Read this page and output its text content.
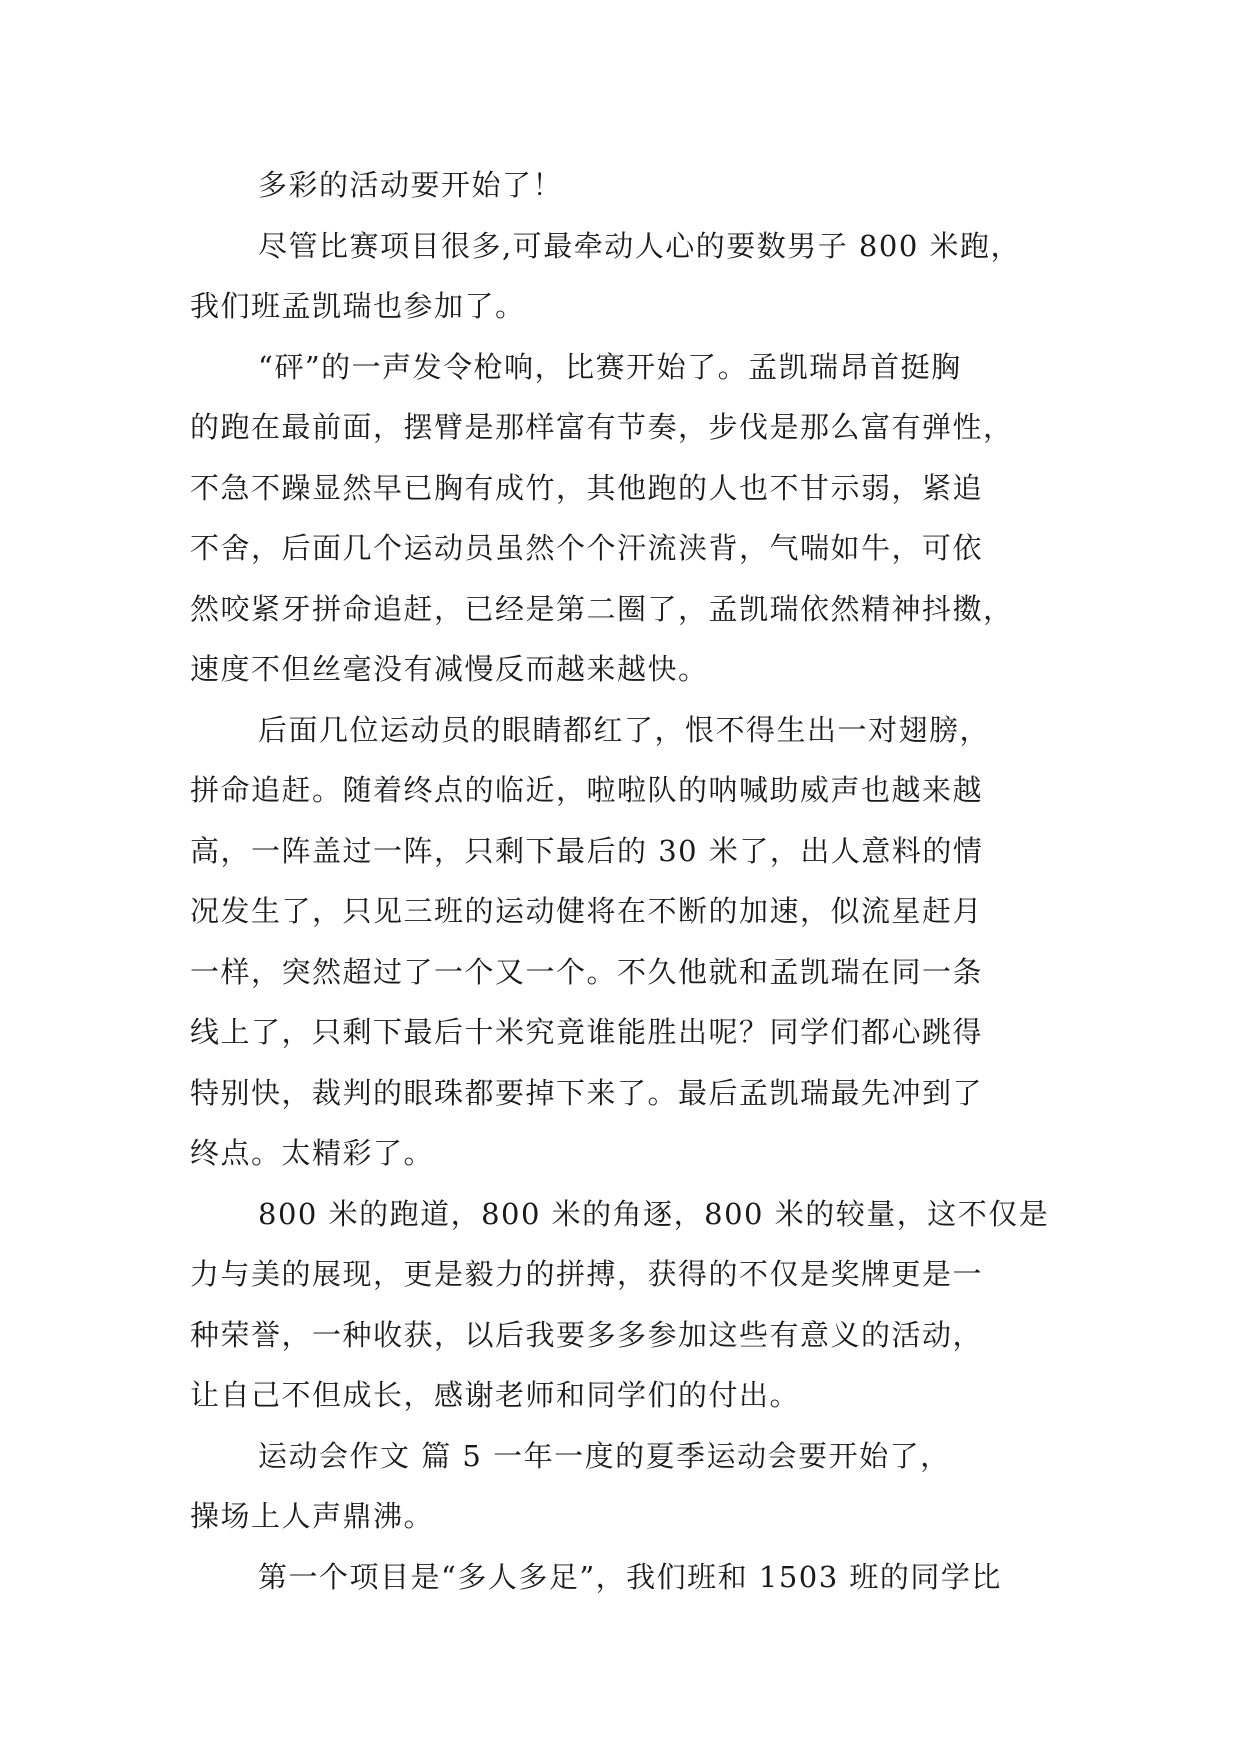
多彩的活动要开始了！
尽管比赛项目很多,可最牵动人心的要数男子 800 米跑，
我们班孟凯瑞也参加了。
“砰”的一声发令枪响，比赛开始了。孟凯瑞昂首挺胸
的跑在最前面，摆臂是那样富有节奏，步伐是那么富有弹性，
不急不躁显然早已胸有成竹，其他跑的人也不甘示弱，紧追
不舍，后面几个运动员虽然个个汗流浃背，气喘如牛，可依
然咬紧牙拼命追赶，已经是第二圈了，孟凯瑞依然精神抖擞，
速度不但丝毫没有减慢反而越来越快。
后面几位运动员的眼睛都红了，恨不得生出一对翅膀，
拼命追赶。随着终点的临近，啦啦队的呐喊助威声也越来越
高，一阵盖过一阵，只剩下最后的 30 米了，出人意料的情
况发生了，只见三班的运动健将在不断的加速，似流星赶月
一样，突然超过了一个又一个。不久他就和孟凯瑞在同一条
线上了，只剩下最后十米究竟谁能胜出呢？同学们都心跳得
特别快，裁判的眼珠都要掉下来了。最后孟凯瑞最先冲到了
终点。太精彩了。
800 米的跑道，800 米的角逐，800 米的较量，这不仅是
力与美的展现，更是毅力的拼搏，获得的不仅是奖牌更是一
种荣誉，一种收获，以后我要多多参加这些有意义的活动，
让自己不但成长，感谢老师和同学们的付出。
运动会作文 篇 5 一年一度的夏季运动会要开始了，
操场上人声鼎沸。
第一个项目是“多人多足”，我们班和 1503 班的同学比
